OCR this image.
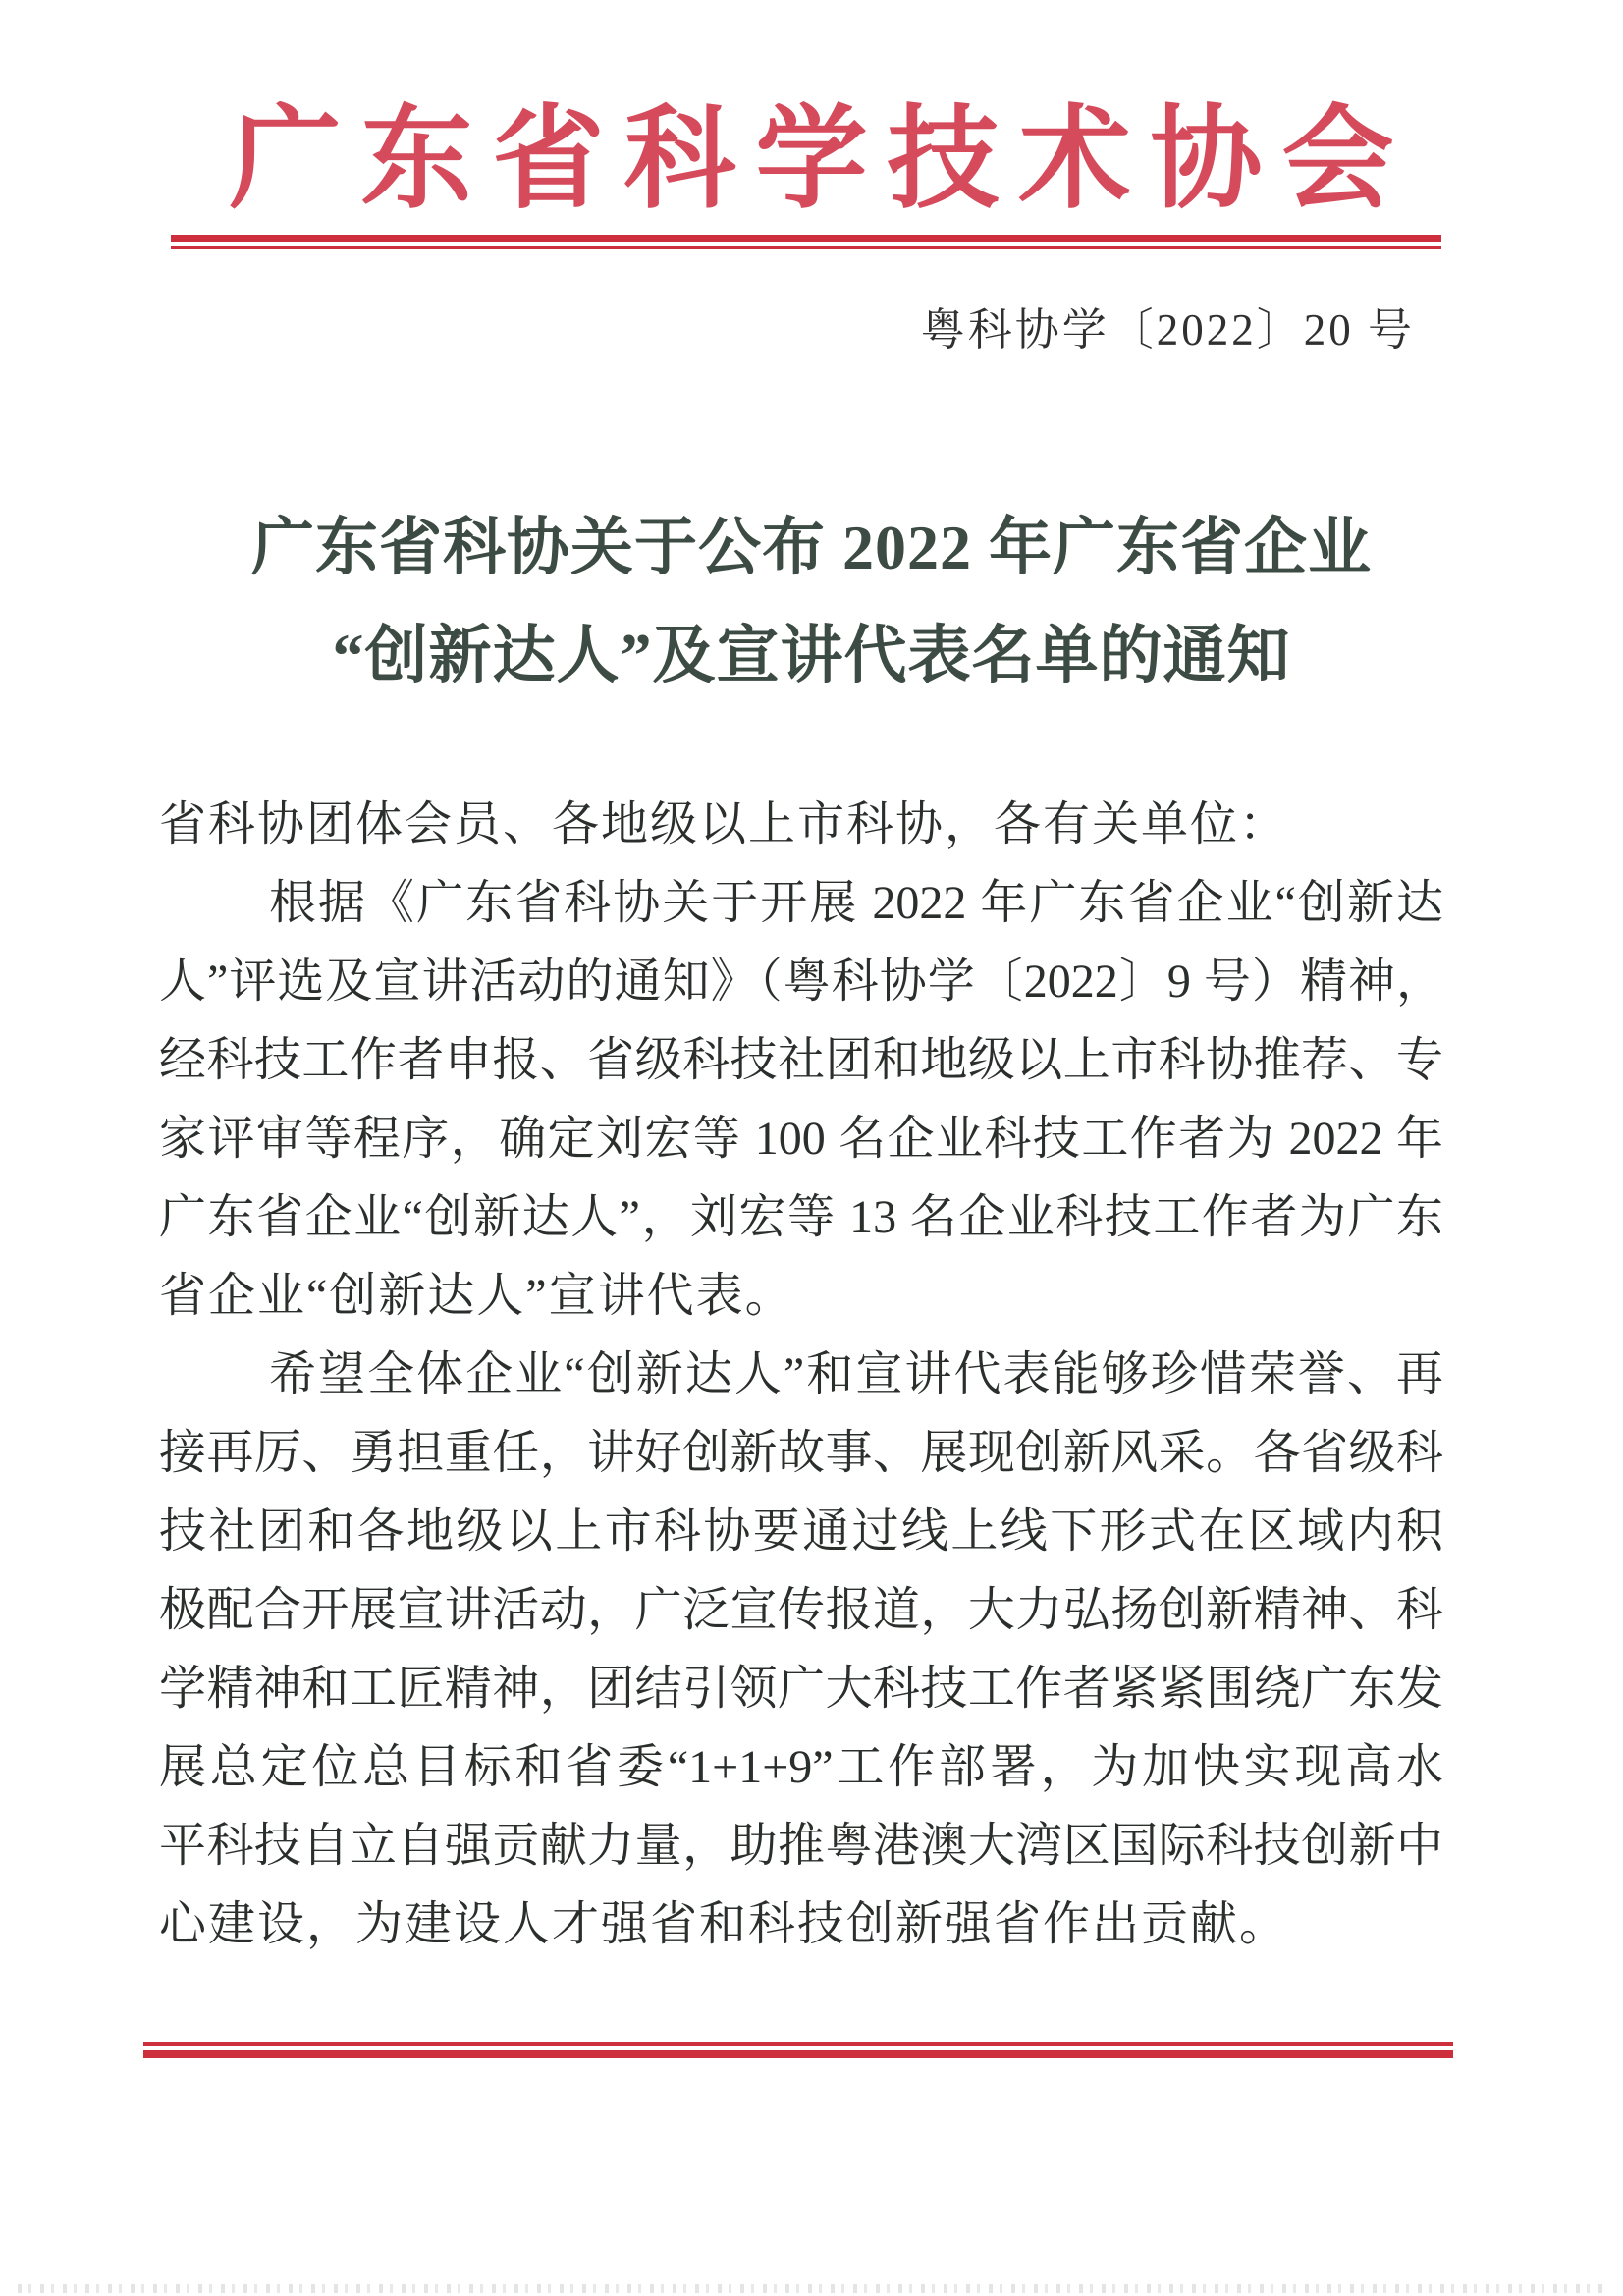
广东省科学技术协会
粤科协学〔2022〕20 号
广东省科协关于公布 2022 年广东省企业
“创新达人”及宣讲代表名单的通知
省科协团体会员、各地级以上市科协，各有关单位：
根据《广东省科协关于开展 2022 年广东省企业“创新达
人”评选及宣讲活动的通知》（粤科协学〔2022〕9 号）精神，
经科技工作者申报、省级科技社团和地级以上市科协推荐、专
家评审等程序，确定刘宏等 100 名企业科技工作者为 2022 年
广东省企业“创新达人”，刘宏等 13 名企业科技工作者为广东
省企业“创新达人”宣讲代表。
希望全体企业“创新达人”和宣讲代表能够珍惜荣誉、再
接再厉、勇担重任，讲好创新故事、展现创新风采。各省级科
技社团和各地级以上市科协要通过线上线下形式在区域内积
极配合开展宣讲活动，广泛宣传报道，大力弘扬创新精神、科
学精神和工匠精神，团结引领广大科技工作者紧紧围绕广东发
展总定位总目标和省委“1+1+9”工作部署，为加快实现高水
平科技自立自强贡献力量，助推粤港澳大湾区国际科技创新中
心建设，为建设人才强省和科技创新强省作出贡献。
